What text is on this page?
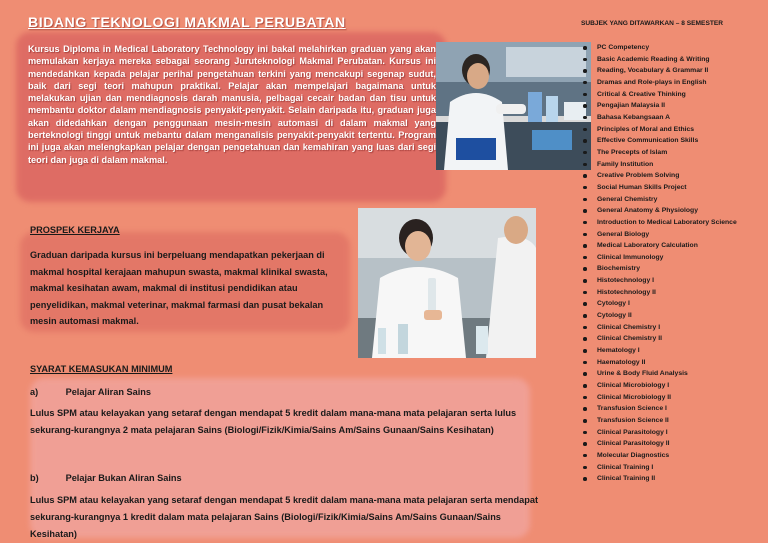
BIDANG TEKNOLOGI MAKMAL PERUBATAN

Kursus Diploma in Medical Laboratory Technology ini bakal melahirkan graduan yang akan memulakan kerjaya mereka sebagai seorang Juruteknologi Makmal Perubatan. Kursus ini mendedahkan kepada pelajar perihal pengetahuan terkini yang mencakupi segenap sudut, baik dari segi teori mahupun praktikal. Pelajar akan mempelajari bagaimana untuk melakukan ujian dan mendiagnosis darah manusia, pelbagai cecair badan dan tisu untuk membantu doktor dalam mendiagnosis penyakit-penyakit. Selain daripada itu, graduan juga akan didedahkan dengan penggunaan mesin-mesin automasi di dalam makmal yang berteknologi tinggi untuk mebantu dalam menganalisis penyakit-penyakit tertentu. Program ini juga akan melengkapkan pelajar dengan pengetahuan dan kemahiran yang luas dari segi teori dan juga di dalam makmal.

PROSPEK KERJAYA

Graduan daripada kursus ini berpeluang mendapatkan pekerjaan di makmal hospital kerajaan mahupun swasta, makmal klinikal swasta, makmal kesihatan awam, makmal di institusi pendidikan atau penyelidikan, makmal veterinar, makmal farmasi dan pusat bekalan mesin automasi makmal.

SYARAT KEMASUKAN MINIMUM

a)	Pelajar Aliran Sains

Lulus SPM atau kelayakan yang setaraf dengan mendapat 5 kredit dalam mana-mana mata pelajaran serta lulus sekurang-kurangnya 2 mata pelajaran Sains (Biologi/Fizik/Kimia/Sains Am/Sains Gunaan/Sains Kesihatan)

b)	Pelajar Bukan Aliran Sains

Lulus SPM atau kelayakan yang setaraf dengan mendapat 5 kredit dalam mana-mana mata pelajaran serta mendapat sekurang-kurangnya 1 kredit dalam mata pelajaran Sains (Biologi/Fizik/Kimia/Sains Am/Sains Gunaan/Sains Kesihatan)

SUBJEK YANG DITAWARKAN – 8 SEMESTER
PC Competency
Basic Academic Reading & Writing
Reading, Vocabulary & Grammar II
Dramas and Role-plays in English
Critical & Creative Thinking
Pengajian Malaysia II
Bahasa Kebangsaan A
Principles of Moral and Ethics
Effective Communication Skills
The Precepts of Islam
Family Institution
Creative Problem Solving
Social Human Skills Project
General Chemistry
General Anatomy & Physiology
Introduction to Medical Laboratory Science
General Biology
Medical Laboratory Calculation
Clinical Immunology
Biochemistry
Histotechnology I
Histotechnology II
Cytology I
Cytology II
Clinical Chemistry I
Clinical Chemistry II
Hematology I
Haematology II
Urine & Body Fluid Analysis
Clinical Microbiology I
Clinical Microbiology II
Transfusion Science I
Transfusion Science II
Clinical Parasitology I
Clinical Parasitology II
Molecular Diagnostics
Clinical Training I
Clinical Training II
